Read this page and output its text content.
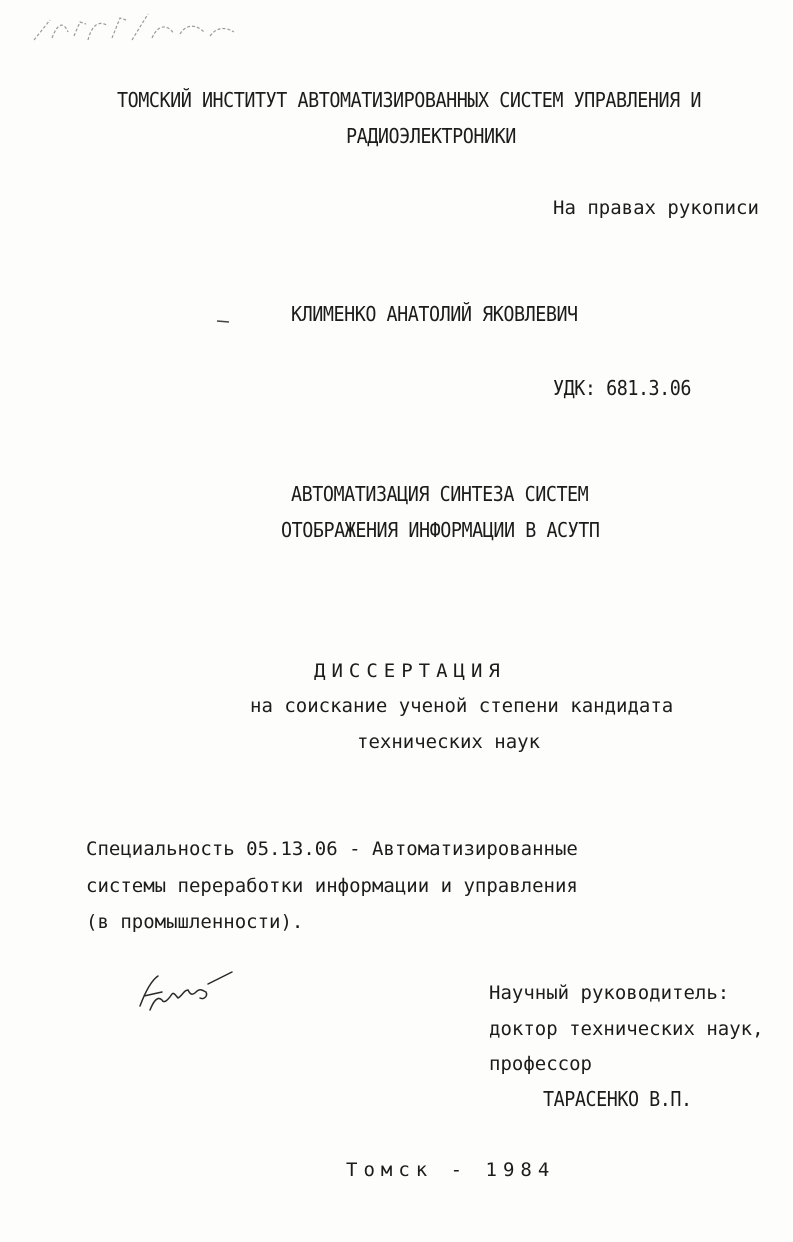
ТОМСКИЙ ИНСТИТУТ АВТОМАТИЗИРОВАННЫХ СИСТЕМ УПРАВЛЕНИЯ И
РАДИОЭЛЕКТРОНИКИ
На правах рукописи
КЛИМЕНКО АНАТОЛИЙ ЯКОВЛЕВИЧ
УДК: 681.3.06
АВТОМАТИЗАЦИЯ СИНТЕЗА СИСТЕМ
ОТОБРАЖЕНИЯ ИНФОРМАЦИИ В АСУТП
ДИССЕРТАЦИЯ
на соискание ученой степени кандидата
технических наук
Специальность 05.13.06 - Автоматизированные
системы переработки информации и управления
(в промышленности).
Научный руководитель:
доктор технических наук,
профессор
ТАРАСЕНКО В.П.
Томск - 1984
